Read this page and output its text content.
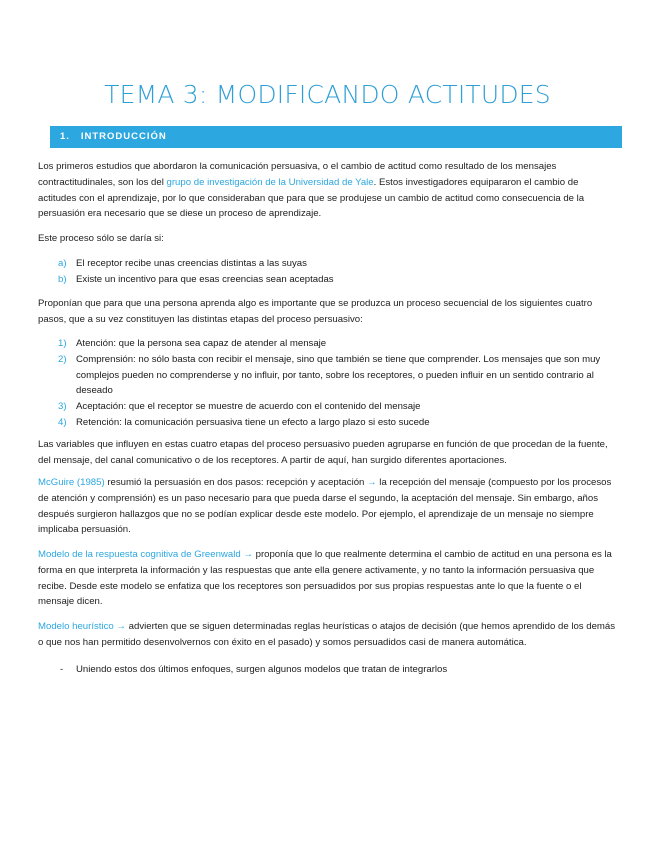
TEMA 3: MODIFICANDO ACTITUDES
1. INTRODUCCIÓN
Los primeros estudios que abordaron la comunicación persuasiva, o el cambio de actitud como resultado de los mensajes contractitudinales, son los del grupo de investigación de la Universidad de Yale. Estos investigadores equipararon el cambio de actitudes con el aprendizaje, por lo que consideraban que para que se produjese un cambio de actitud como consecuencia de la persuasión era necesario que se diese un proceso de aprendizaje.
Este proceso sólo se daría si:
a) El receptor recibe unas creencias distintas a las suyas
b) Existe un incentivo para que esas creencias sean aceptadas
Proponían que para que una persona aprenda algo es importante que se produzca un proceso secuencial de los siguientes cuatro pasos, que a su vez constituyen las distintas etapas del proceso persuasivo:
1) Atención: que la persona sea capaz de atender al mensaje
2) Comprensión: no sólo basta con recibir el mensaje, sino que también se tiene que comprender. Los mensajes que son muy complejos pueden no comprenderse y no influir, por tanto, sobre los receptores, o pueden influir en un sentido contrario al deseado
3) Aceptación: que el receptor se muestre de acuerdo con el contenido del mensaje
4) Retención: la comunicación persuasiva tiene un efecto a largo plazo si esto sucede
Las variables que influyen en estas cuatro etapas del proceso persuasivo pueden agruparse en función de que procedan de la fuente, del mensaje, del canal comunicativo o de los receptores. A partir de aquí, han surgido diferentes aportaciones.
McGuire (1985) resumió la persuasión en dos pasos: recepción y aceptación → la recepción del mensaje (compuesto por los procesos de atención y comprensión) es un paso necesario para que pueda darse el segundo, la aceptación del mensaje. Sin embargo, años después surgieron hallazgos que no se podían explicar desde este modelo. Por ejemplo, el aprendizaje de un mensaje no siempre implicaba persuasión.
Modelo de la respuesta cognitiva de Greenwald → proponía que lo que realmente determina el cambio de actitud en una persona es la forma en que interpreta la información y las respuestas que ante ella genere activamente, y no tanto la información persuasiva que recibe. Desde este modelo se enfatiza que los receptores son persuadidos por sus propias respuestas ante lo que la fuente o el mensaje dicen.
Modelo heurístico → advierten que se siguen determinadas reglas heurísticas o atajos de decisión (que hemos aprendido de los demás o que nos han permitido desenvolvernos con éxito en el pasado) y somos persuadidos casi de manera automática.
- Uniendo estos dos últimos enfoques, surgen algunos modelos que tratan de integrarlos
